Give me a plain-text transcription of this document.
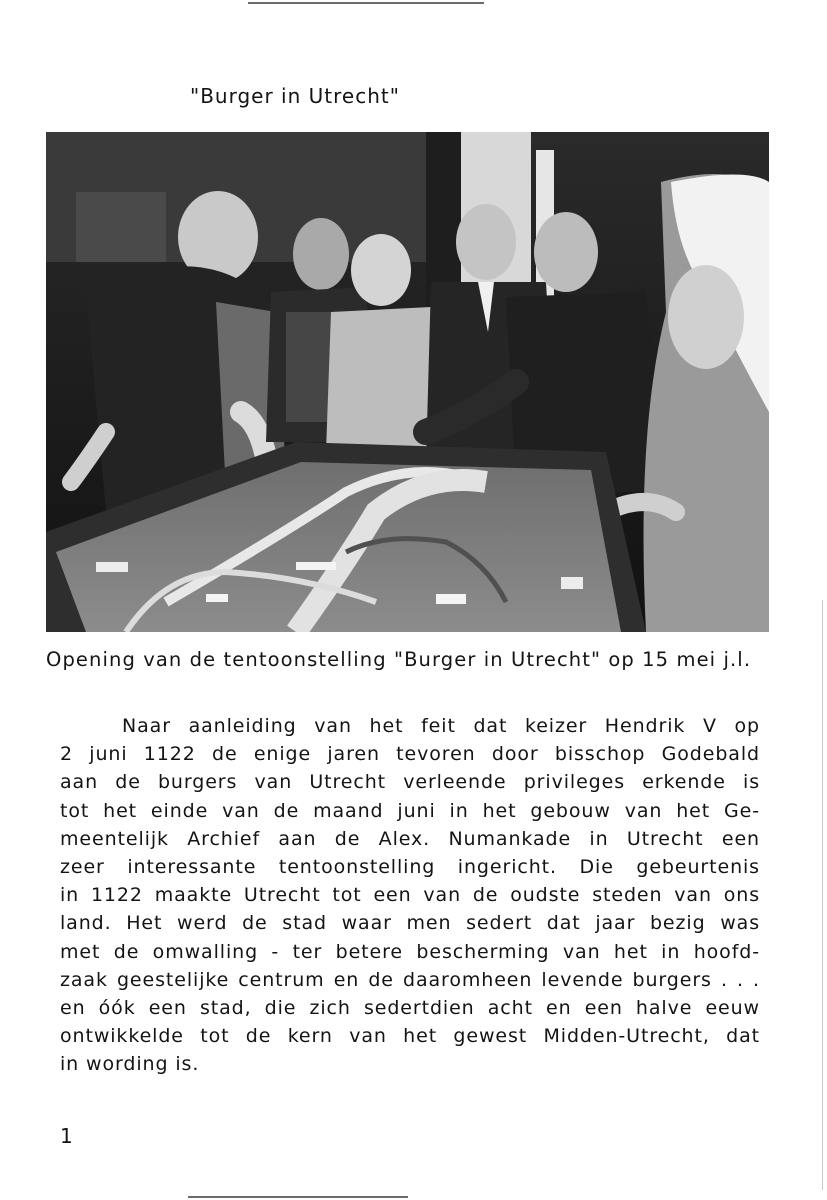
"Burger in Utrecht"
Opening van de tentoonstelling "Burger in Utrecht" op 15 mei j.l.
Naar aanleiding van het feit dat keizer Hendrik V op
2 juni 1122 de enige jaren tevoren door bisschop Godebald
aan de burgers van Utrecht verleende privileges erkende is
tot het einde van de maand juni in het gebouw van het Ge-
meentelijk Archief aan de Alex. Numankade in Utrecht een
zeer interessante tentoonstelling ingericht. Die gebeurtenis
in 1122 maakte Utrecht tot een van de oudste steden van ons
land. Het werd de stad waar men sedert dat jaar bezig was
met de omwalling - ter betere bescherming van het in hoofd-
zaak geestelijke centrum en de daaromheen levende burgers . . .
en óók een stad, die zich sedertdien acht en een halve eeuw
ontwikkelde tot de kern van het gewest Midden-Utrecht, dat
in wording is.
1
